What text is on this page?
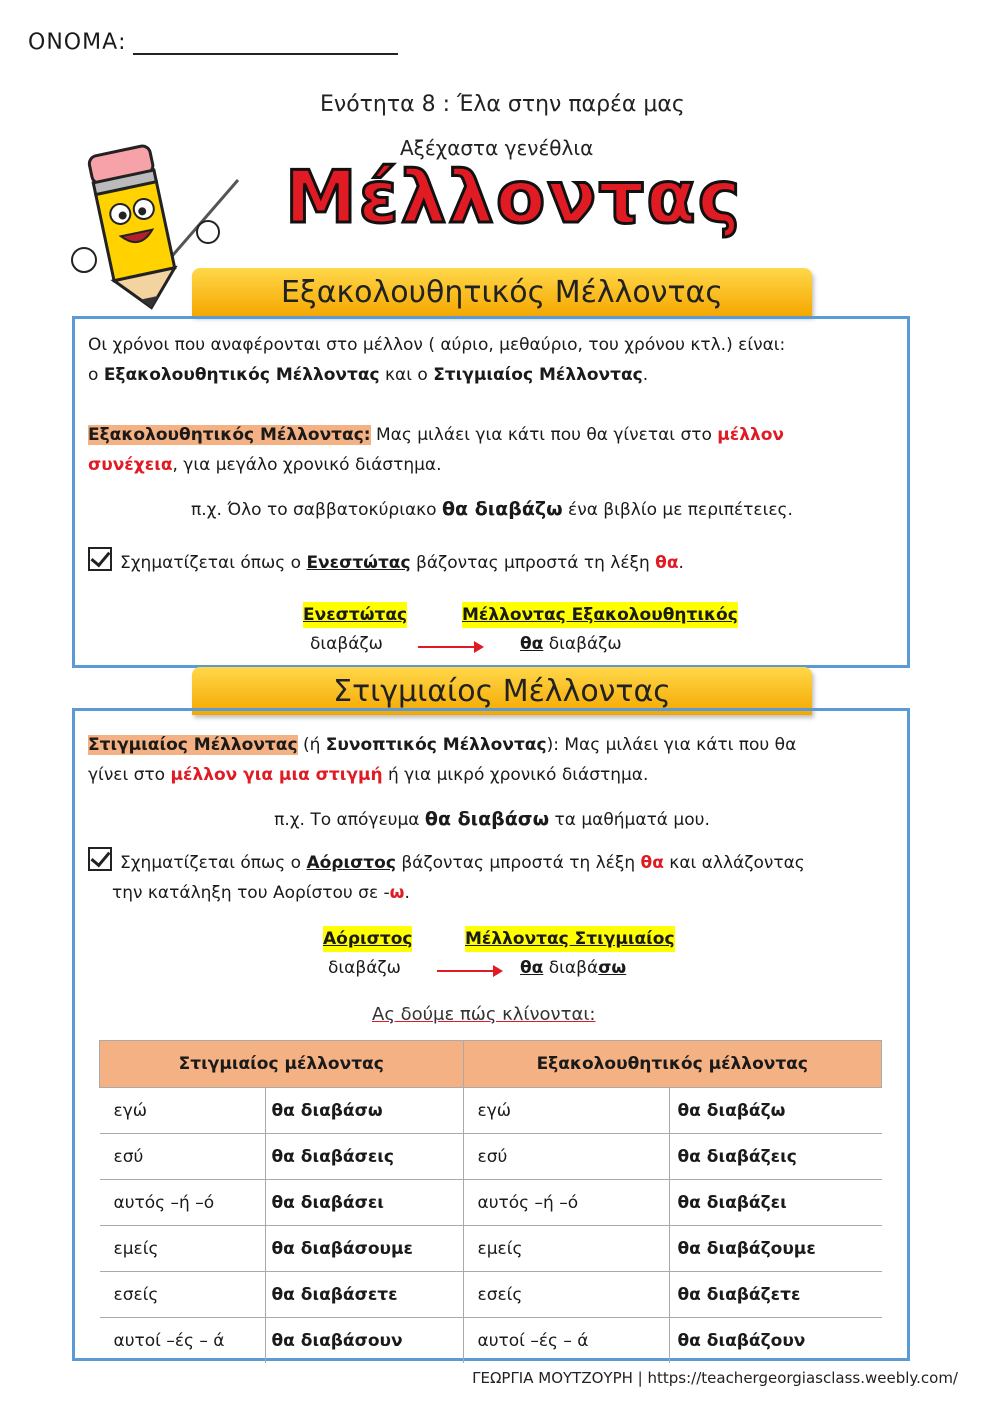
ΟΝΟΜΑ:
Ενότητα 8 : Έλα στην παρέα μας
Αξέχαστα γενέθλια
Μέλλοντας
Εξακολουθητικός Μέλλοντας
Οι χρόνοι που αναφέρονται στο μέλλον ( αύριο, μεθαύριο, του χρόνου κτλ.) είναι:
ο Εξακολουθητικός Μέλλοντας και ο Στιγμιαίος Μέλλοντας.
Εξακολουθητικός Μέλλοντας: Μας μιλάει για κάτι που θα γίνεται στο μέλλον
συνέχεια, για μεγάλο χρονικό διάστημα.
π.χ. Όλο το σαββατοκύριακο θα διαβάζω ένα βιβλίο με περιπέτειες.
Σχηματίζεται όπως ο Ενεστώτας βάζοντας μπροστά τη λέξη θα.
Ενεστώτας	Μέλλοντας Εξακολουθητικός
διαβάζω	θα διαβάζω
Στιγμιαίος Μέλλοντας
Στιγμιαίος Μέλλοντας (ή Συνοπτικός Μέλλοντας): Μας μιλάει για κάτι που θα
γίνει στο μέλλον για μια στιγμή ή για μικρό χρονικό διάστημα.
π.χ. Το απόγευμα θα διαβάσω τα μαθήματά μου.
Σχηματίζεται όπως ο Αόριστος βάζοντας μπροστά τη λέξη θα και αλλάζοντας
την κατάληξη του Αορίστου σε -ω.
Αόριστος	Μέλλοντας Στιγμιαίος
διαβάζω	θα διαβάσω
Ας δούμε πώς κλίνονται:
Στιγμιαίος μέλλοντας		Εξακολουθητικός μέλλοντας	
εγώ	θα διαβάσω	εγώ	θα διαβάζω
εσύ	θα διαβάσεις	εσύ	θα διαβάζεις
αυτός –ή –ό	θα διαβάσει	αυτός –ή –ό	θα διαβάζει
εμείς	θα διαβάσουμε	εμείς	θα διαβάζουμε
εσείς	θα διαβάσετε	εσείς	θα διαβάζετε
αυτοί –ές – ά	θα διαβάσουν	αυτοί –ές – ά	θα διαβάζουν
ΓΕΩΡΓΙΑ ΜΟΥΤΖΟΥΡΗ | https://teachergeorgiasclass.weebly.com/
